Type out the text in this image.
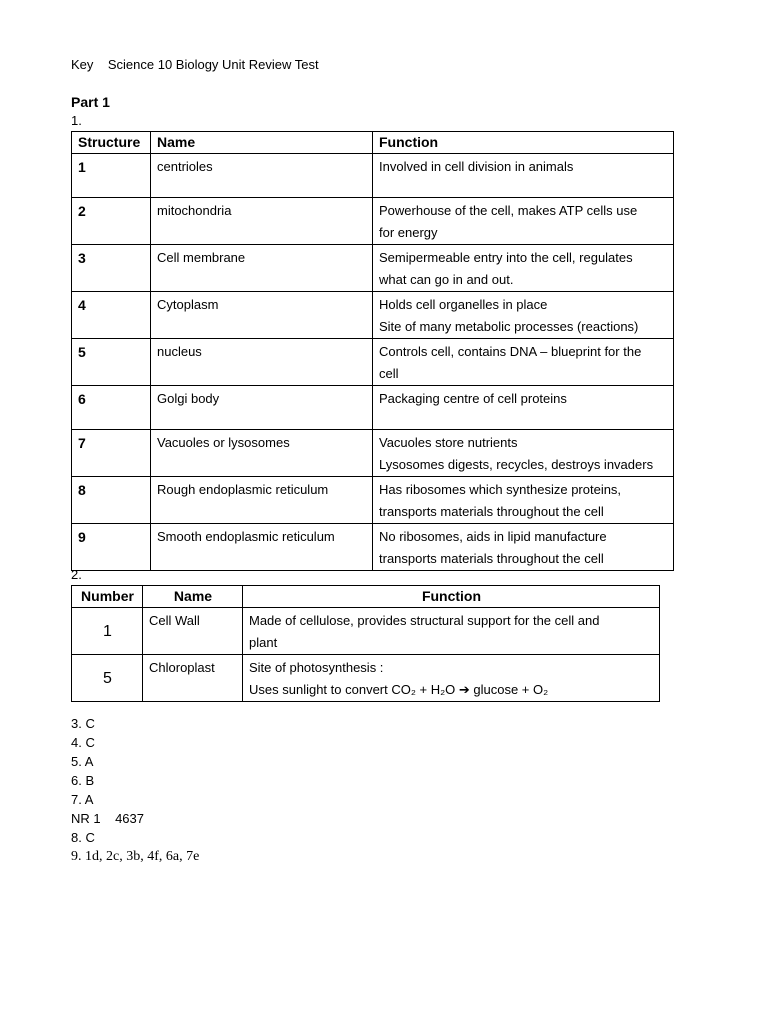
Key Science 10 Biology Unit Review Test
Part 1
1.
Structure	Name	Function
1	centrioles	Involved in cell division in animals

2	mitochondria	Powerhouse of the cell, makes ATP cells use
for energy

3	Cell membrane	Semipermeable entry into the cell, regulates
what can go in and out.

4	Cytoplasm	Holds cell organelles in place
Site of many metabolic processes (reactions)

5	nucleus	Controls cell, contains DNA – blueprint for the
cell

6	Golgi body	Packaging centre of cell proteins

7	Vacuoles or lysosomes	Vacuoles store nutrients
Lysosomes digests, recycles, destroys invaders

8	Rough endoplasmic reticulum	Has ribosomes which synthesize proteins,
transports materials throughout the cell

9	Smooth endoplasmic reticulum	No ribosomes, aids in lipid manufacture
transports materials throughout the cell
2.
Number	Name	Function
1	Cell Wall	Made of cellulose, provides structural support for the cell and
plant

5	Chloroplast	Site of photosynthesis :
Uses sunlight to convert CO₂ + H₂O ➔ glucose + O₂
3. C
4. C
5. A
6. B
7. A
NR 1    4637
8. C
9. 1d, 2c, 3b, 4f, 6a, 7e
